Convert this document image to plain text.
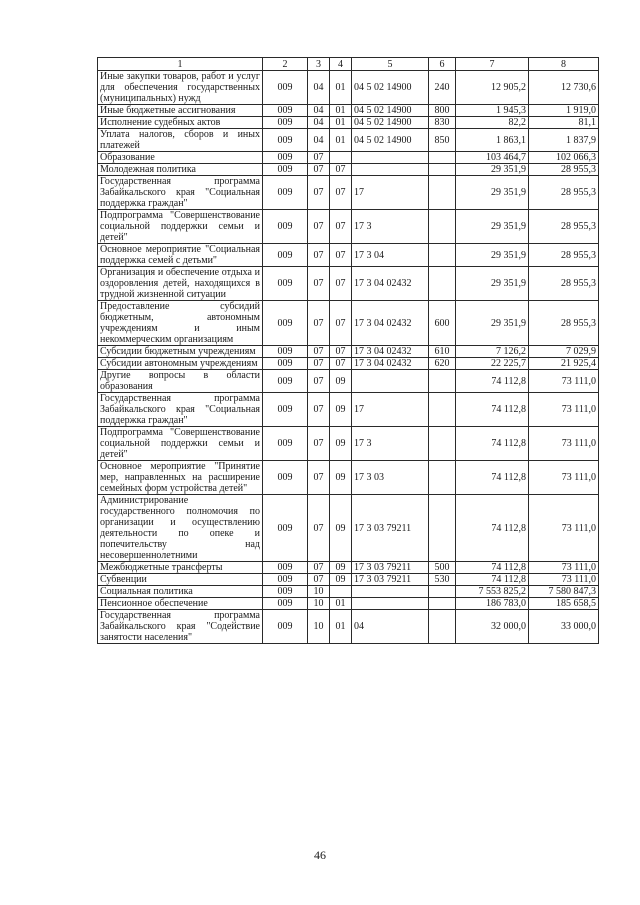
1	2	3	4	5	6	7	8
Иные закупки товаров, работ и услуг для обеспечения государственных (муниципальных) нужд	009	04	01	04 5 02 14900	240	12 905,2	12 730,6
Иные бюджетные ассигнования	009	04	01	04 5 02 14900	800	1 945,3	1 919,0
Исполнение судебных актов	009	04	01	04 5 02 14900	830	82,2	81,1
Уплата налогов, сборов и иных платежей	009	04	01	04 5 02 14900	850	1 863,1	1 837,9
Образование	009	07				103 464,7	102 066,3
Молодежная политика	009	07	07			29 351,9	28 955,3
Государственная программа Забайкальского края "Социальная поддержка граждан"	009	07	07	17		29 351,9	28 955,3
Подпрограмма "Совершенствование социальной поддержки семьи и детей"	009	07	07	17 3		29 351,9	28 955,3
Основное мероприятие "Социальная поддержка семей с детьми"	009	07	07	17 3 04		29 351,9	28 955,3
Организация и обеспечение отдыха и оздоровления детей, находящихся в трудной жизненной ситуации	009	07	07	17 3 04 02432		29 351,9	28 955,3
Предоставление субсидий бюджетным, автономным учреждениям и иным некоммерческим организациям	009	07	07	17 3 04 02432	600	29 351,9	28 955,3
Субсидии бюджетным учреждениям	009	07	07	17 3 04 02432	610	7 126,2	7 029,9
Субсидии автономным учреждениям	009	07	07	17 3 04 02432	620	22 225,7	21 925,4
Другие вопросы в области образования	009	07	09			74 112,8	73 111,0
Государственная программа Забайкальского края "Социальная поддержка граждан"	009	07	09	17		74 112,8	73 111,0
Подпрограмма "Совершенствование социальной поддержки семьи и детей"	009	07	09	17 3		74 112,8	73 111,0
Основное мероприятие "Принятие мер, направленных на расширение семейных форм устройства детей"	009	07	09	17 3 03		74 112,8	73 111,0
Администрирование государственного полномочия по организации и осуществлению деятельности по опеке и попечительству над несовершеннолетними	009	07	09	17 3 03 79211		74 112,8	73 111,0
Межбюджетные трансферты	009	07	09	17 3 03 79211	500	74 112,8	73 111,0
Субвенции	009	07	09	17 3 03 79211	530	74 112,8	73 111,0
Социальная политика	009	10				7 553 825,2	7 580 847,3
Пенсионное обеспечение	009	10	01			186 783,0	185 658,5
Государственная программа Забайкальского края "Содействие занятости населения"	009	10	01	04		32 000,0	33 000,0
46
